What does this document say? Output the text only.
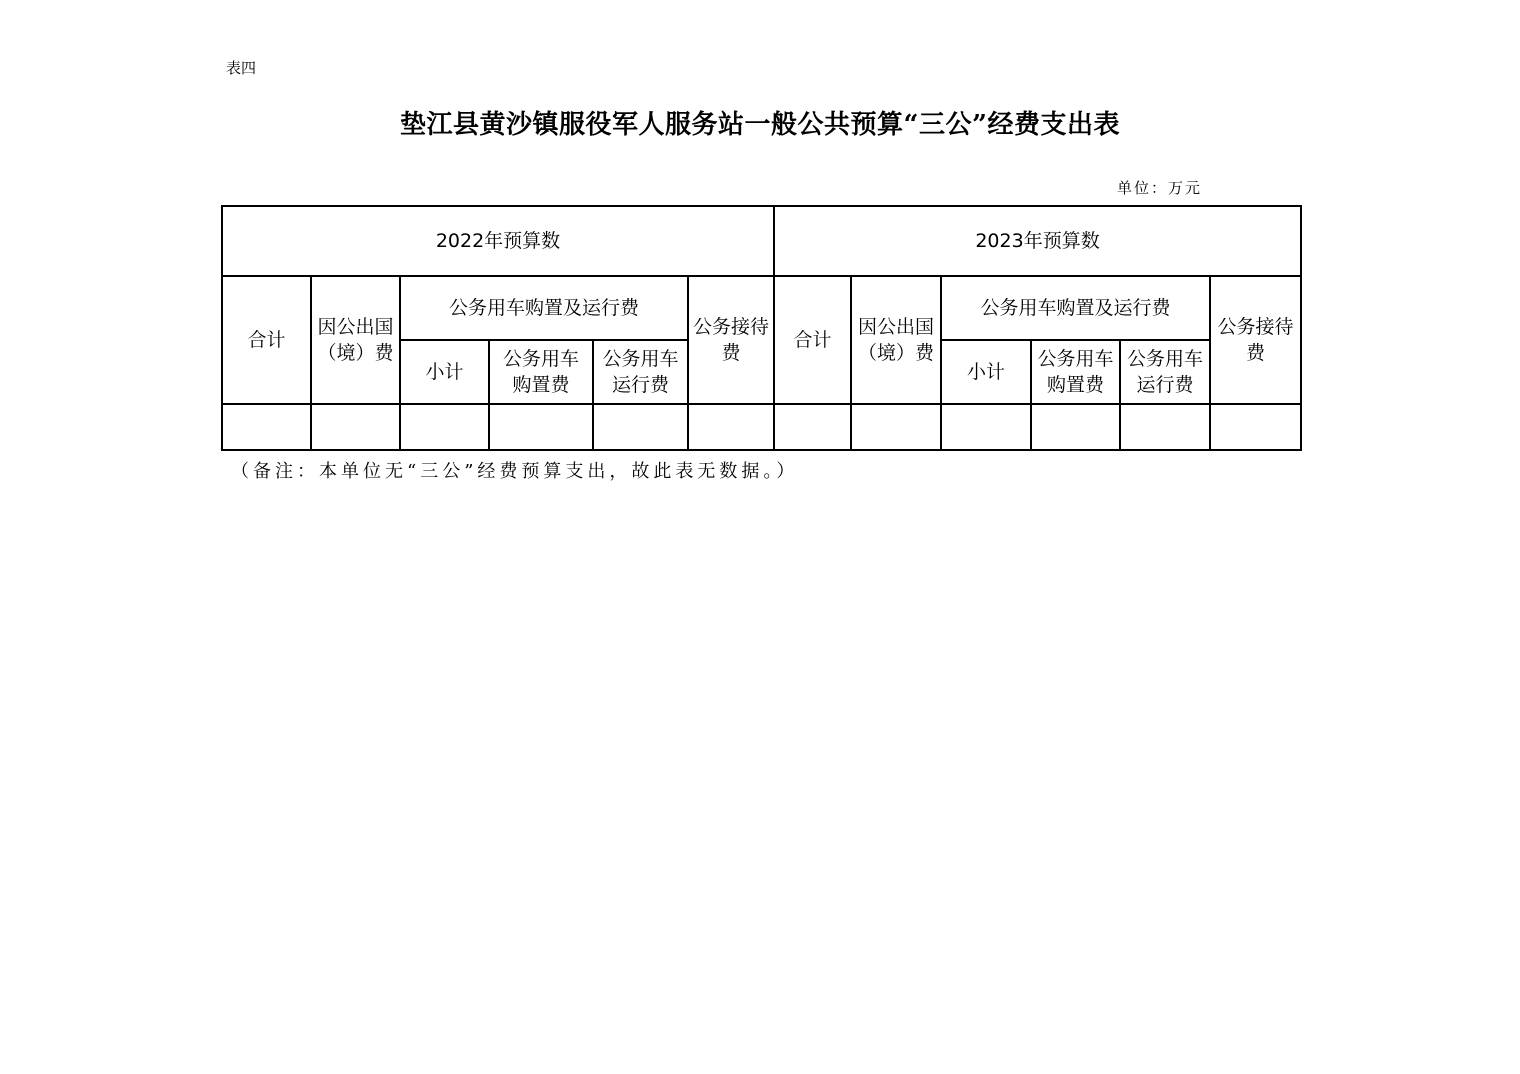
表四
垫江县黄沙镇服役军人服务站一般公共预算“三公”经费支出表
单位：万元
2022年预算数						2023年预算数					
合计	因公出国（境）费	公务用车购置及运行费			公务接待费	合计	因公出国（境）费	公务用车购置及运行费			公务接待费
		小计	公务用车购置费	公务用车运行费				小计	公务用车购置费	公务用车运行费	

（备注：本单位无“三公”经费预算支出，故此表无数据。）
